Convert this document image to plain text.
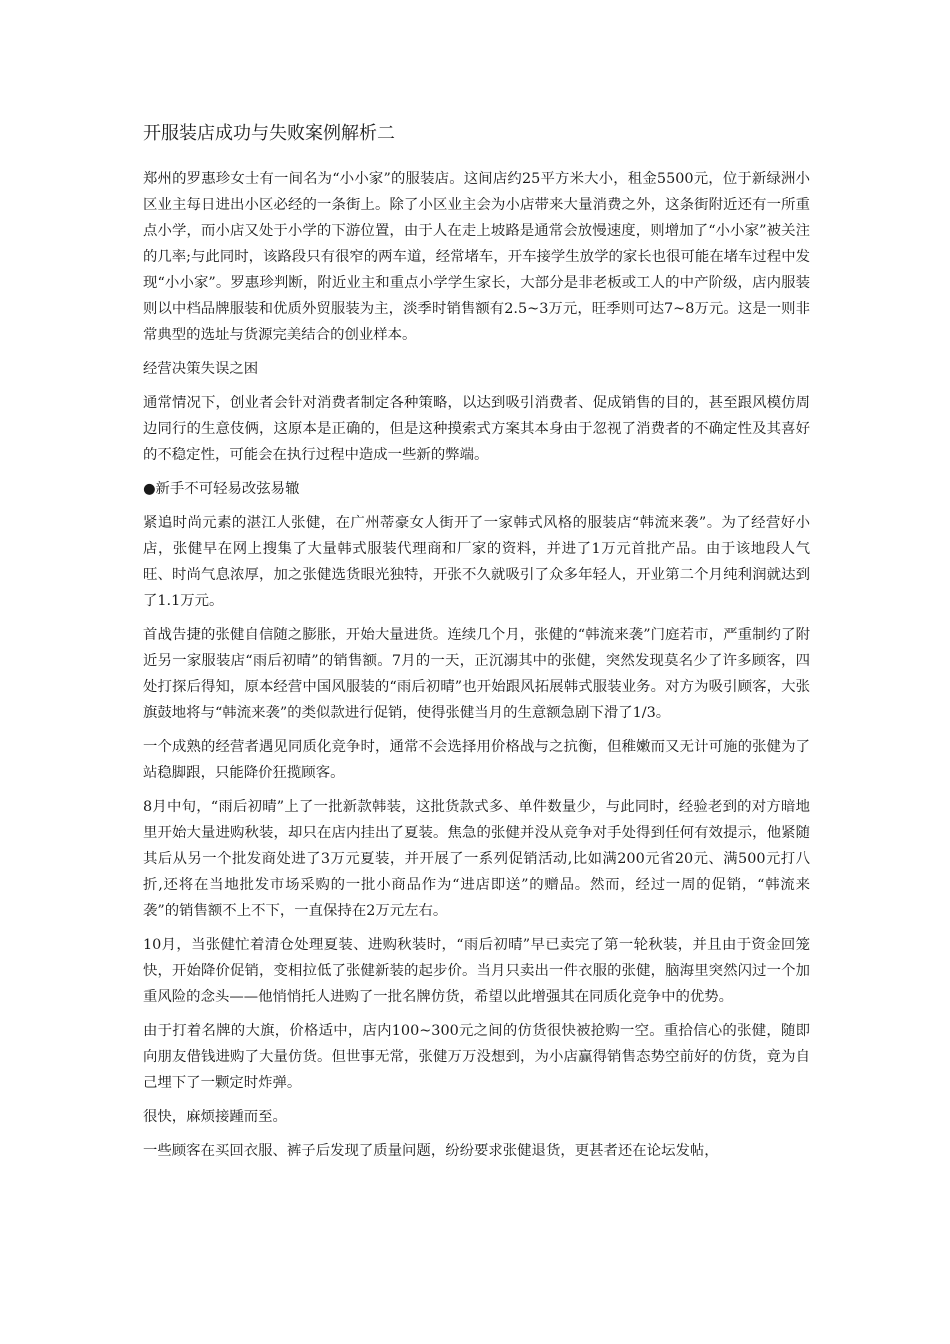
开服装店成功与失败案例解析二

郑州的罗惠珍女士有一间名为“小小家”的服装店。这间店约25平方米大小，租金5500元，位于新绿洲小区业主每日进出小区必经的一条街上。除了小区业主会为小店带来大量消费之外，这条街附近还有一所重点小学，而小店又处于小学的下游位置，由于人在走上坡路是通常会放慢速度，则增加了“小小家”被关注的几率;与此同时，该路段只有很窄的两车道，经常堵车，开车接学生放学的家长也很可能在堵车过程中发现“小小家”。罗惠珍判断，附近业主和重点小学学生家长，大部分是非老板或工人的中产阶级，店内服装则以中档品牌服装和优质外贸服装为主，淡季时销售额有2.5~3万元，旺季则可达7~8万元。这是一则非常典型的选址与货源完美结合的创业样本。

经营决策失误之困

通常情况下，创业者会针对消费者制定各种策略，以达到吸引消费者、促成销售的目的，甚至跟风模仿周边同行的生意伎俩，这原本是正确的，但是这种摸索式方案其本身由于忽视了消费者的不确定性及其喜好的不稳定性，可能会在执行过程中造成一些新的弊端。

●新手不可轻易改弦易辙

紧追时尚元素的湛江人张健，在广州蒂豪女人街开了一家韩式风格的服装店“韩流来袭”。为了经营好小店，张健早在网上搜集了大量韩式服装代理商和厂家的资料，并进了1万元首批产品。由于该地段人气旺、时尚气息浓厚，加之张健选货眼光独特，开张不久就吸引了众多年轻人，开业第二个月纯利润就达到了1.1万元。

首战告捷的张健自信随之膨胀，开始大量进货。连续几个月，张健的“韩流来袭”门庭若市，严重制约了附近另一家服装店“雨后初晴”的销售额。7月的一天，正沉溺其中的张健，突然发现莫名少了许多顾客，四处打探后得知，原本经营中国风服装的“雨后初晴”也开始跟风拓展韩式服装业务。对方为吸引顾客，大张旗鼓地将与“韩流来袭”的类似款进行促销，使得张健当月的生意额急剧下滑了1/3。

一个成熟的经营者遇见同质化竞争时，通常不会选择用价格战与之抗衡，但稚嫩而又无计可施的张健为了站稳脚跟，只能降价狂揽顾客。

8月中旬，“雨后初晴”上了一批新款韩装，这批货款式多、单件数量少，与此同时，经验老到的对方暗地里开始大量进购秋装，却只在店内挂出了夏装。焦急的张健并没从竞争对手处得到任何有效提示，他紧随其后从另一个批发商处进了3万元夏装，并开展了一系列促销活动,比如满200元省20元、满500元打八折,还将在当地批发市场采购的一批小商品作为“进店即送”的赠品。然而，经过一周的促销，“韩流来袭”的销售额不上不下，一直保持在2万元左右。

10月，当张健忙着清仓处理夏装、进购秋装时，“雨后初晴”早已卖完了第一轮秋装，并且由于资金回笼快，开始降价促销，变相拉低了张健新装的起步价。当月只卖出一件衣服的张健，脑海里突然闪过一个加重风险的念头——他悄悄托人进购了一批名牌仿货，希望以此增强其在同质化竞争中的优势。

由于打着名牌的大旗，价格适中，店内100~300元之间的仿货很快被抢购一空。重拾信心的张健，随即向朋友借钱进购了大量仿货。但世事无常，张健万万没想到，为小店赢得销售态势空前好的仿货，竟为自己埋下了一颗定时炸弹。

很快，麻烦接踵而至。

一些顾客在买回衣服、裤子后发现了质量问题，纷纷要求张健退货，更甚者还在论坛发帖，
